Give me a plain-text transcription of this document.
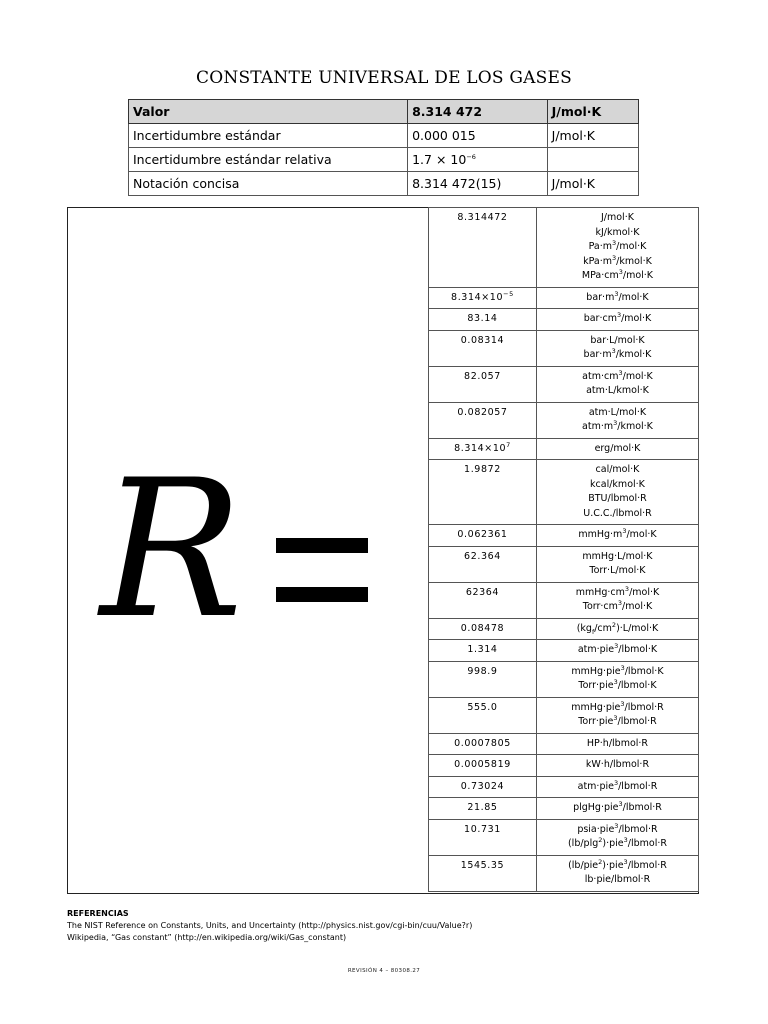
CONSTANTE UNIVERSAL DE LOS GASES
Valor	8.314 472	J/mol·K
Incertidumbre estándar	0.000 015	J/mol·K
Incertidumbre estándar relativa	$1.7 \times 10^{-6}$	
Notación concisa	8.314 472(15)	J/mol·K
R
8.314472	J/mol·K
kJ/kmol·K
$Pa\cdot m^3/mol\cdot K$
$kPa\cdot m^3/kmol\cdot K$
$MPa\cdot cm^3/mol\cdot K$

$8.314\times 10^{-5}$	$bar\cdot m^3/mol\cdot K$

83.14	$bar\cdot cm^3/mol\cdot K$

0.08314	bar·L/mol·K
$bar\cdot m^3/kmol\cdot K$

82.057	$atm\cdot cm^3/mol\cdot K$
atm·L/kmol·K

0.082057	atm·L/mol·K
$atm\cdot m^3/kmol\cdot K$

$8.314\times 10^7$	erg/mol·K

1.9872	cal/mol·K
kcal/kmol·K
BTU/lbmol·R
U.C.C./lbmol·R

0.062361	$mmHg\cdot m^3/mol\cdot K$

62.364	mmHg·L/mol·K
Torr·L/mol·K

62364	$mmHg\cdot cm^3/mol\cdot K$
$Torr\cdot cm^3/mol\cdot K$

0.08478	$(kg_f/cm^2)\cdot L/mol\cdot K$

1.314	atm·pie$^3$/lbmol·K

998.9	mmHg·pie$^3$/lbmol·K
Torr·pie$^3$/lbmol·K

555.0	mmHg·pie$^3$/lbmol·R
Torr·pie$^3$/lbmol·R

0.0007805	HP·h/lbmol·R

0.0005819	kW·h/lbmol·R

0.73024	atm·pie$^3$/lbmol·R

21.85	plgHg·pie$^3$/lbmol·R

10.731	psia·pie$^3$/lbmol·R
(lb/plg$^2$)·pie$^3$/lbmol·R

1545.35	(lb/pie$^2$)·pie$^3$/lbmol·R
lb·pie/lbmol·R
REFERENCIAS
The NIST Reference on Constants, Units, and Uncertainty (http://physics.nist.gov/cgi-bin/cuu/Value?r)
Wikipedia, “Gas constant” (http://en.wikipedia.org/wiki/Gas_constant)
REVISIÓN 4 – 80308.27
